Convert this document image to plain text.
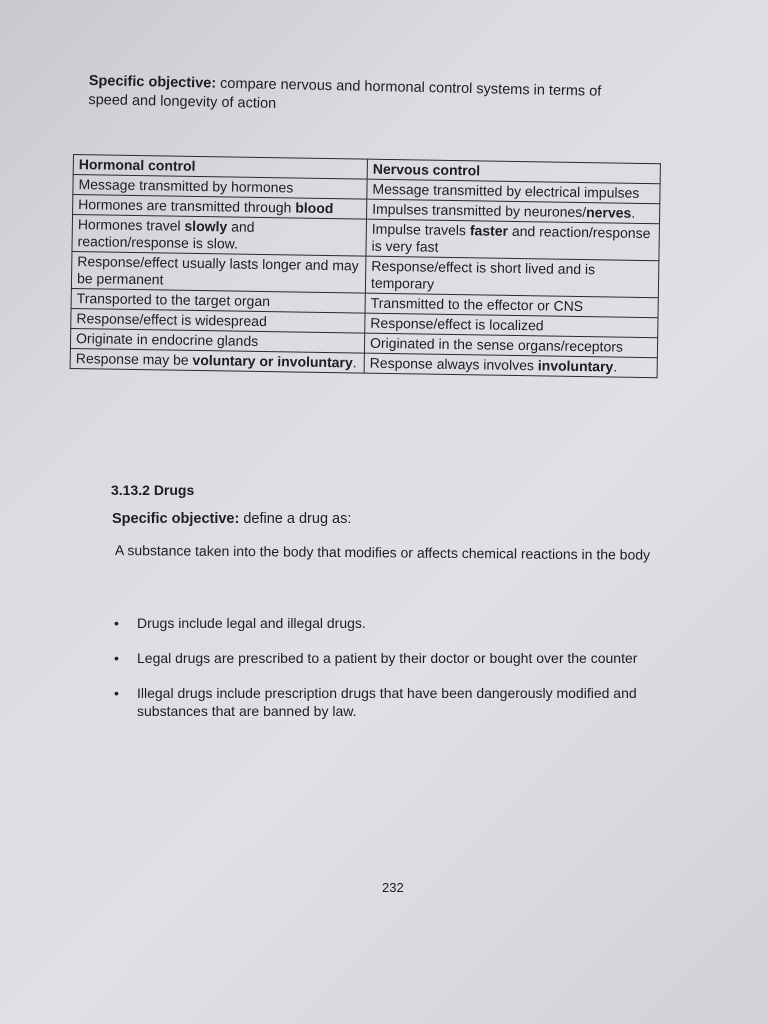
Specific objective: compare nervous and hormonal control systems in terms of speed and longevity of action
Hormonal control	Nervous control
Message transmitted by hormones	Message transmitted by electrical impulses
Hormones are transmitted through blood	Impulses transmitted by neurones/nerves.
Hormones travel slowly and reaction/response is slow.	Impulse travels faster and reaction/response is very fast
Response/effect usually lasts longer and may be permanent	Response/effect is short lived and is temporary
Transported to the target organ	Transmitted to the effector or CNS
Response/effect is widespread	Response/effect is localized
Originate in endocrine glands	Originated in the sense organs/receptors
Response may be voluntary or involuntary.	Response always involves involuntary.
3.13.2 Drugs
Specific objective: define a drug as:
A substance taken into the body that modifies or affects chemical reactions in the body
• Drugs include legal and illegal drugs.
• Legal drugs are prescribed to a patient by their doctor or bought over the counter
• Illegal drugs include prescription drugs that have been dangerously modified and substances that are banned by law.
232
